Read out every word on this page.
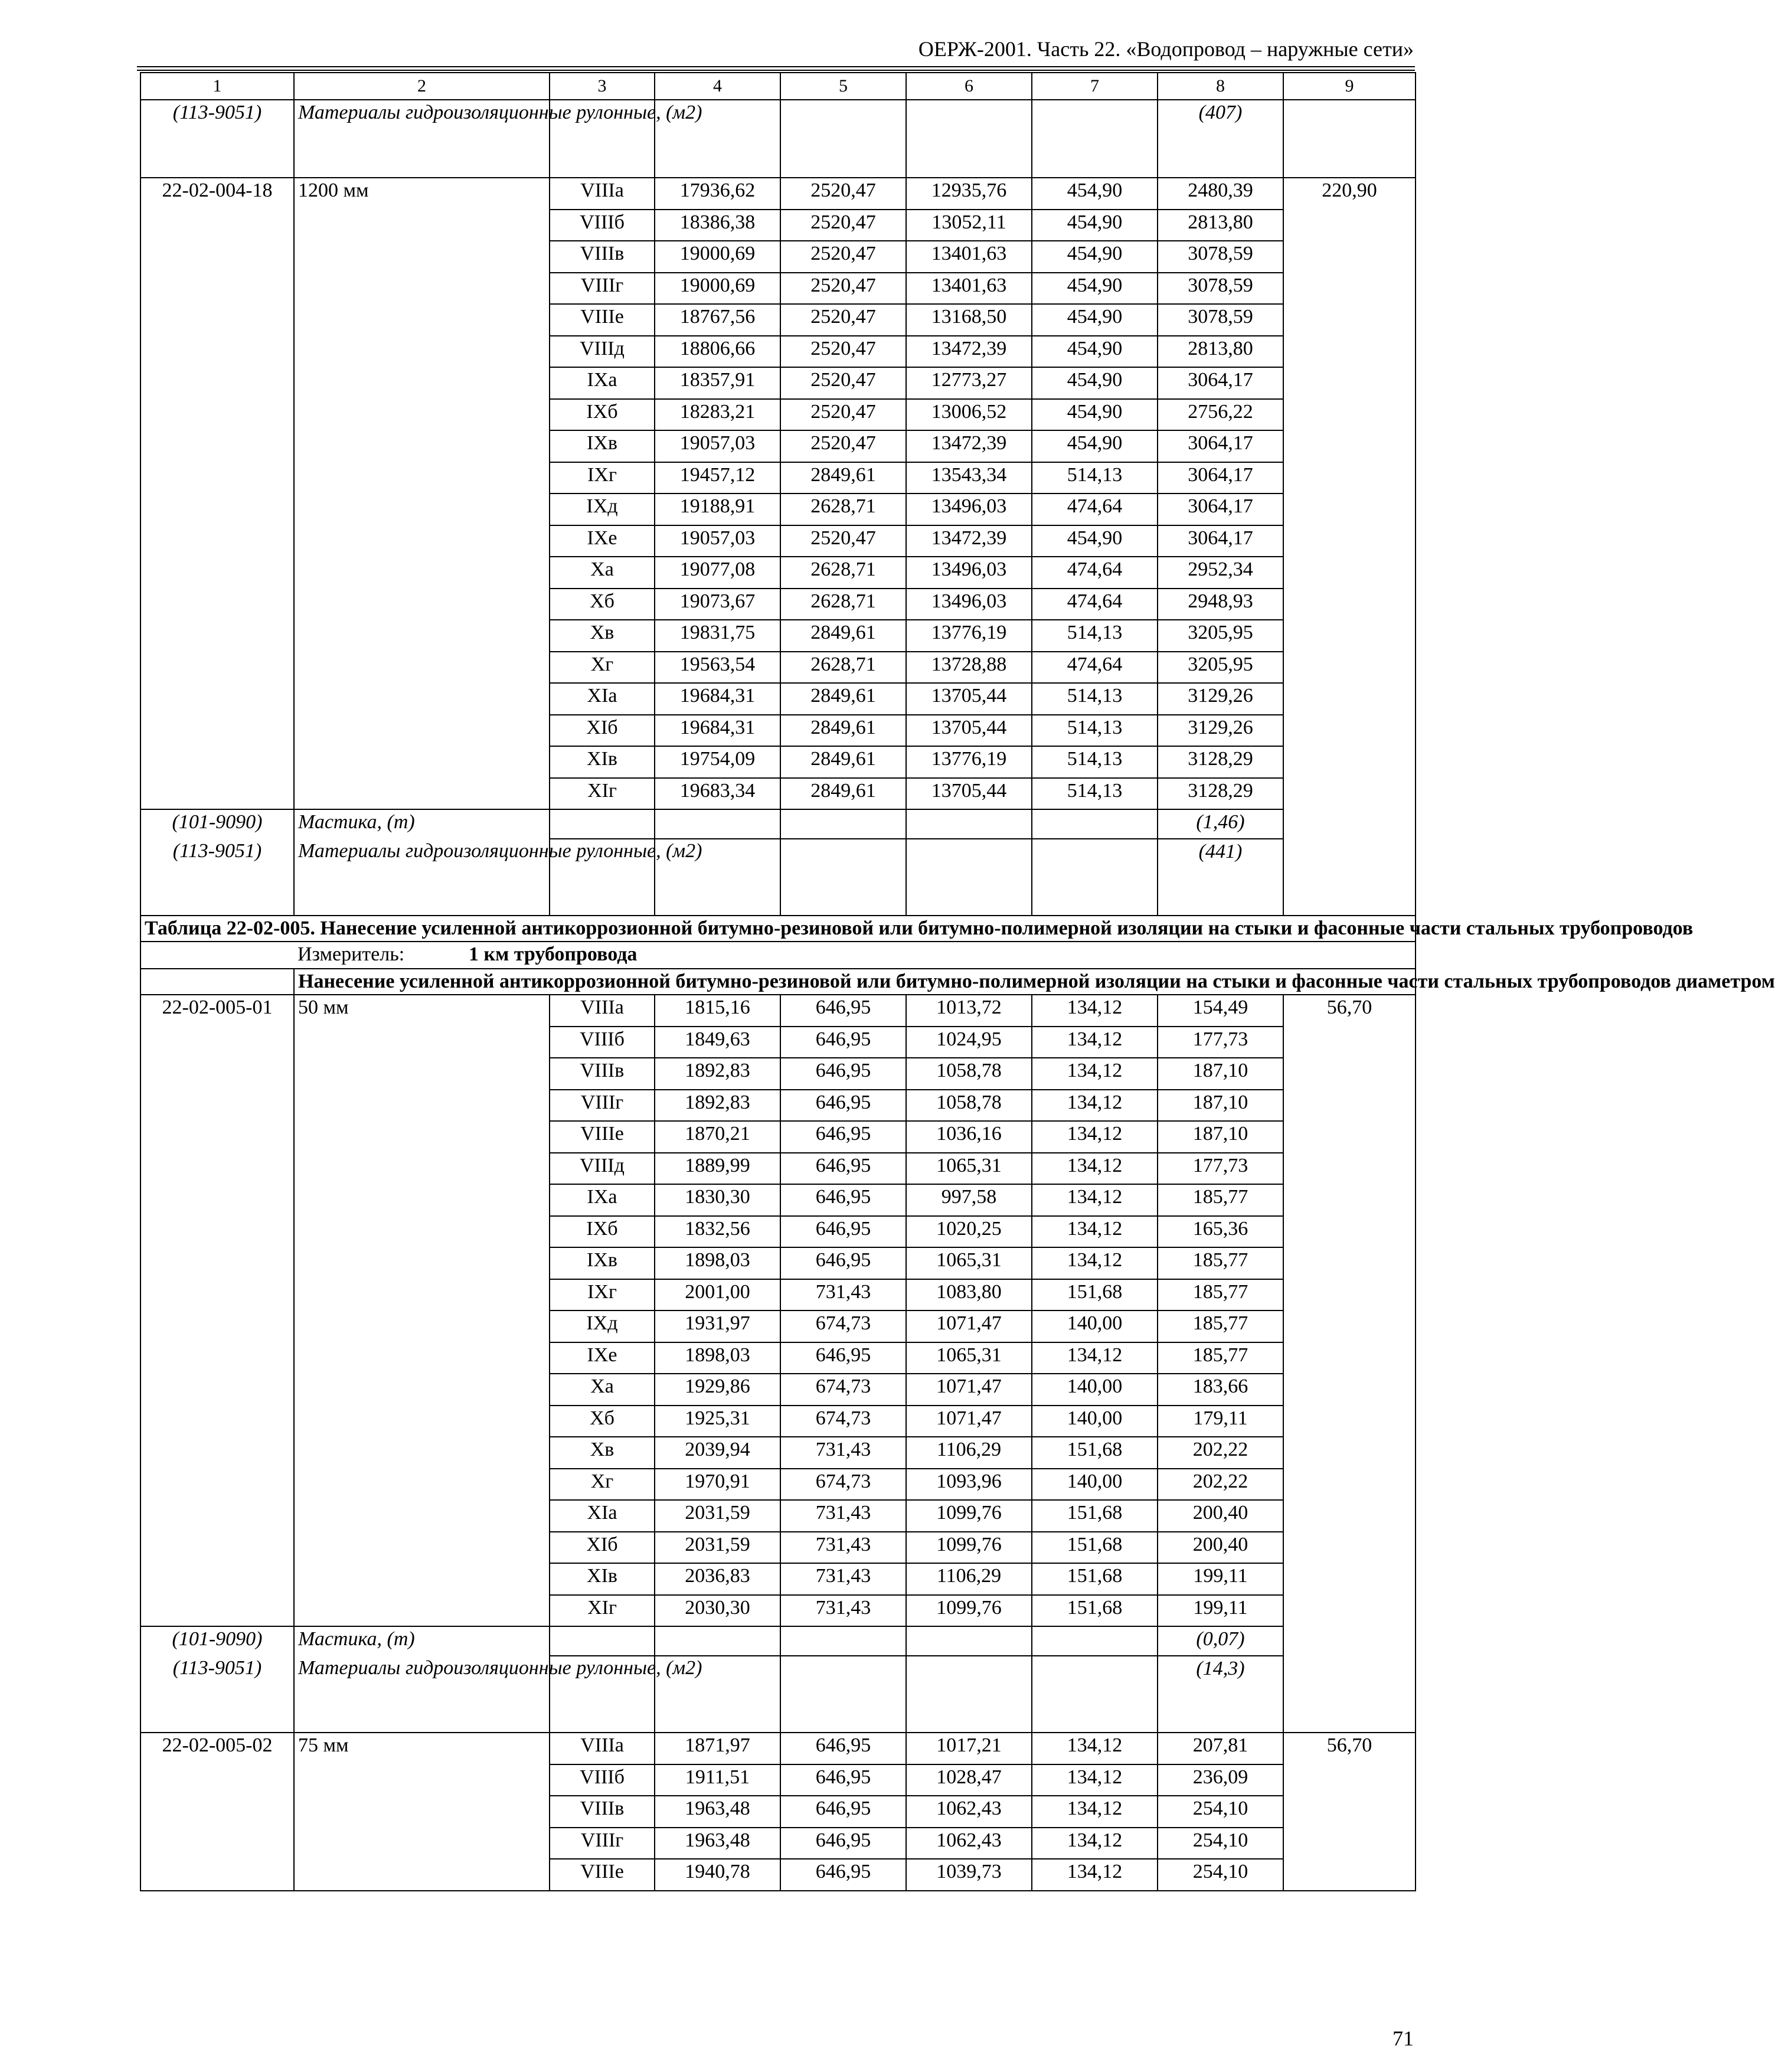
ОЕРЖ-2001. Часть 22. «Водопровод – наружные сети»
1	2	3	4	5	6	7	8	9
(113-9051)	Материалы гидроизоляционные рулонные, (м2)						(407)	
22-02-004-18	1200 мм	VIIIа	17936,62	2520,47	12935,76	454,90	2480,39	220,90
		VIIIб	18386,38	2520,47	13052,11	454,90	2813,80	
		VIIIв	19000,69	2520,47	13401,63	454,90	3078,59	
		VIIIг	19000,69	2520,47	13401,63	454,90	3078,59	
		VIIIе	18767,56	2520,47	13168,50	454,90	3078,59	
		VIIIд	18806,66	2520,47	13472,39	454,90	2813,80	
		IXа	18357,91	2520,47	12773,27	454,90	3064,17	
		IXб	18283,21	2520,47	13006,52	454,90	2756,22	
		IXв	19057,03	2520,47	13472,39	454,90	3064,17	
		IXг	19457,12	2849,61	13543,34	514,13	3064,17	
		IXд	19188,91	2628,71	13496,03	474,64	3064,17	
		IXе	19057,03	2520,47	13472,39	454,90	3064,17	
		Xа	19077,08	2628,71	13496,03	474,64	2952,34	
		Xб	19073,67	2628,71	13496,03	474,64	2948,93	
		Xв	19831,75	2849,61	13776,19	514,13	3205,95	
		Xг	19563,54	2628,71	13728,88	474,64	3205,95	
		XIа	19684,31	2849,61	13705,44	514,13	3129,26	
		XIб	19684,31	2849,61	13705,44	514,13	3129,26	
		XIв	19754,09	2849,61	13776,19	514,13	3128,29	
		XIг	19683,34	2849,61	13705,44	514,13	3128,29	
(101-9090)	Мастика, (т)						(1,46)	
(113-9051)	Материалы гидроизоляционные рулонные, (м2)						(441)	
Таблица 22-02-005. Нанесение усиленной антикоррозионной битумно-резиновой или битумно-полимерной изоляции на стыки и фасонные части стальных трубопроводов								
	Измеритель: 1 км трубопровода							
	Нанесение усиленной антикоррозионной битумно-резиновой или битумно-полимерной изоляции на стыки и фасонные части стальных трубопроводов диаметром							
22-02-005-01	50 мм	VIIIа	1815,16	646,95	1013,72	134,12	154,49	56,70
		VIIIб	1849,63	646,95	1024,95	134,12	177,73	
		VIIIв	1892,83	646,95	1058,78	134,12	187,10	
		VIIIг	1892,83	646,95	1058,78	134,12	187,10	
		VIIIе	1870,21	646,95	1036,16	134,12	187,10	
		VIIIд	1889,99	646,95	1065,31	134,12	177,73	
		IXа	1830,30	646,95	997,58	134,12	185,77	
		IXб	1832,56	646,95	1020,25	134,12	165,36	
		IXв	1898,03	646,95	1065,31	134,12	185,77	
		IXг	2001,00	731,43	1083,80	151,68	185,77	
		IXд	1931,97	674,73	1071,47	140,00	185,77	
		IXе	1898,03	646,95	1065,31	134,12	185,77	
		Xа	1929,86	674,73	1071,47	140,00	183,66	
		Xб	1925,31	674,73	1071,47	140,00	179,11	
		Xв	2039,94	731,43	1106,29	151,68	202,22	
		Xг	1970,91	674,73	1093,96	140,00	202,22	
		XIа	2031,59	731,43	1099,76	151,68	200,40	
		XIб	2031,59	731,43	1099,76	151,68	200,40	
		XIв	2036,83	731,43	1106,29	151,68	199,11	
		XIг	2030,30	731,43	1099,76	151,68	199,11	
(101-9090)	Мастика, (т)						(0,07)	
(113-9051)	Материалы гидроизоляционные рулонные, (м2)						(14,3)	
22-02-005-02	75 мм	VIIIа	1871,97	646,95	1017,21	134,12	207,81	56,70
		VIIIб	1911,51	646,95	1028,47	134,12	236,09	
		VIIIв	1963,48	646,95	1062,43	134,12	254,10	
		VIIIг	1963,48	646,95	1062,43	134,12	254,10	
		VIIIе	1940,78	646,95	1039,73	134,12	254,10	
71
